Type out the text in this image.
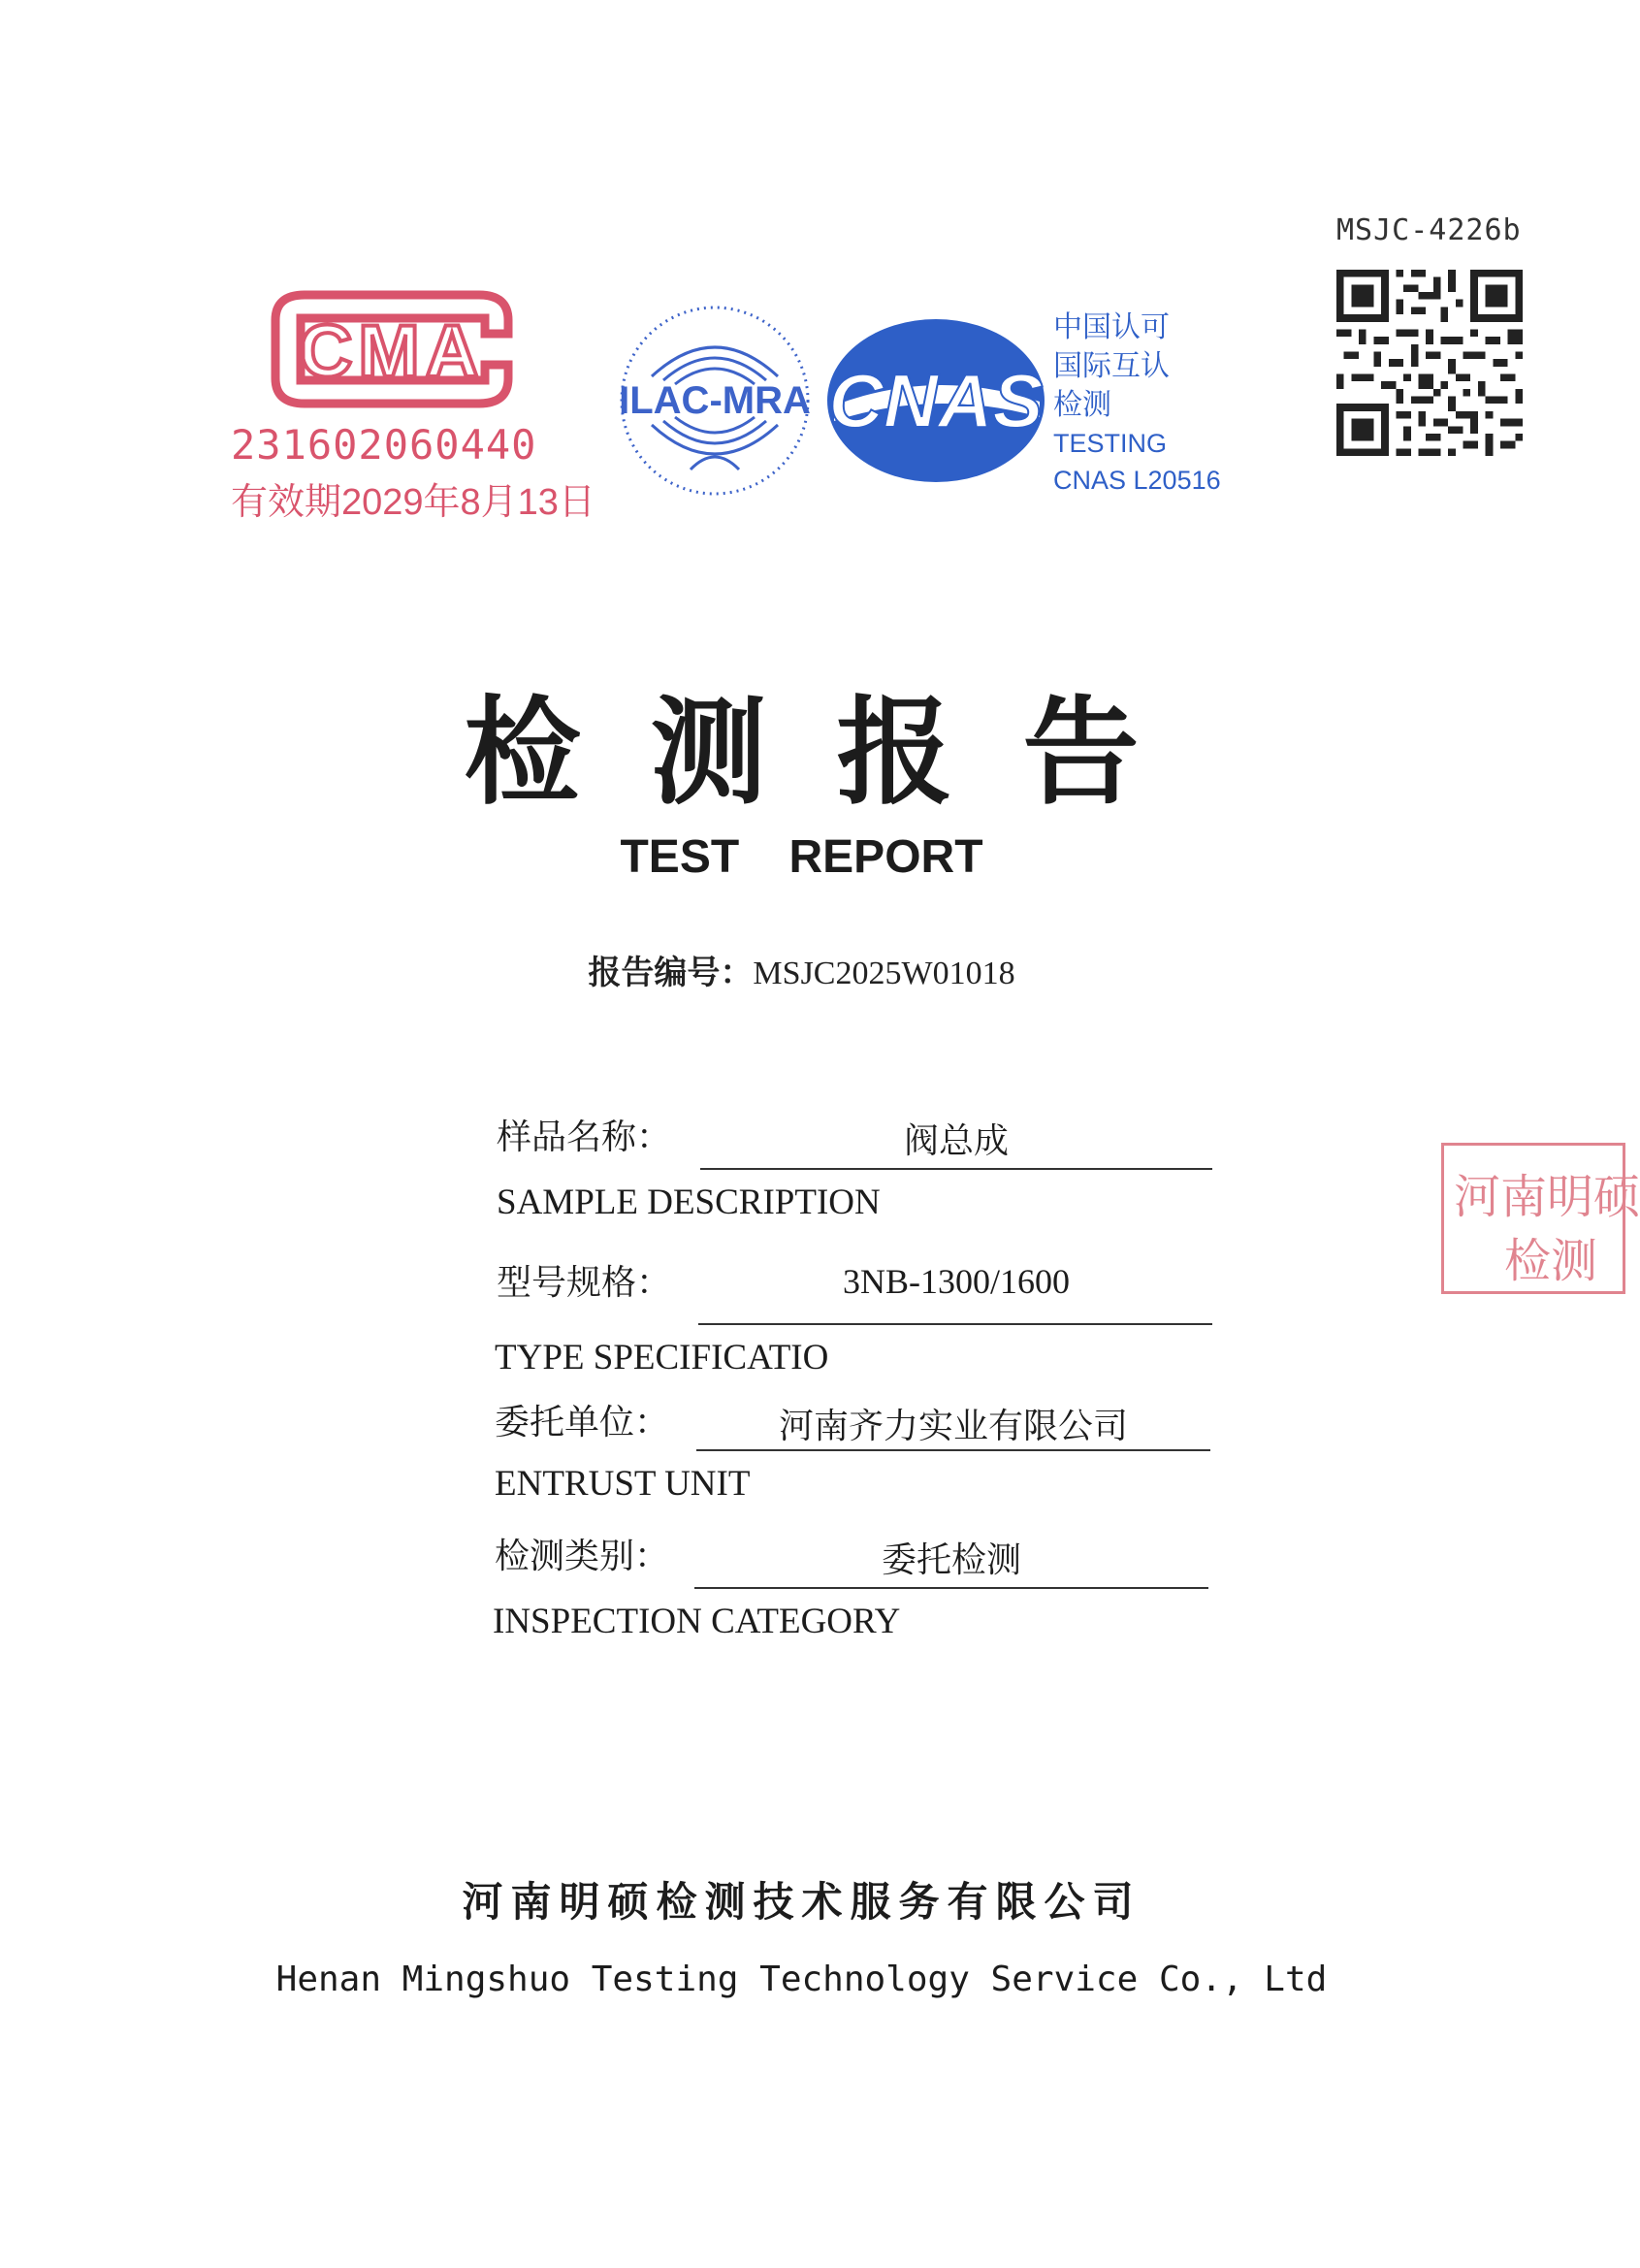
MSJC-4226b
CMA
231602060440
有效期2029年8月13日
ILAC-MRA CNAS
中国认可
国际互认
检测
TESTING
CNAS L20516
检测报告
TEST REPORT
报告编号：MSJC2025W01018
样品名称：	阀总成
SAMPLE DESCRIPTION
型号规格：	3NB-1300/1600
TYPE SPECIFICATIO
委托单位：	河南齐力实业有限公司
ENTRUST UNIT
检测类别：	委托检测
INSPECTION CATEGORY
河南明硕
检测
河南明硕检测技术服务有限公司
Henan Mingshuo Testing Technology Service Co., Ltd
